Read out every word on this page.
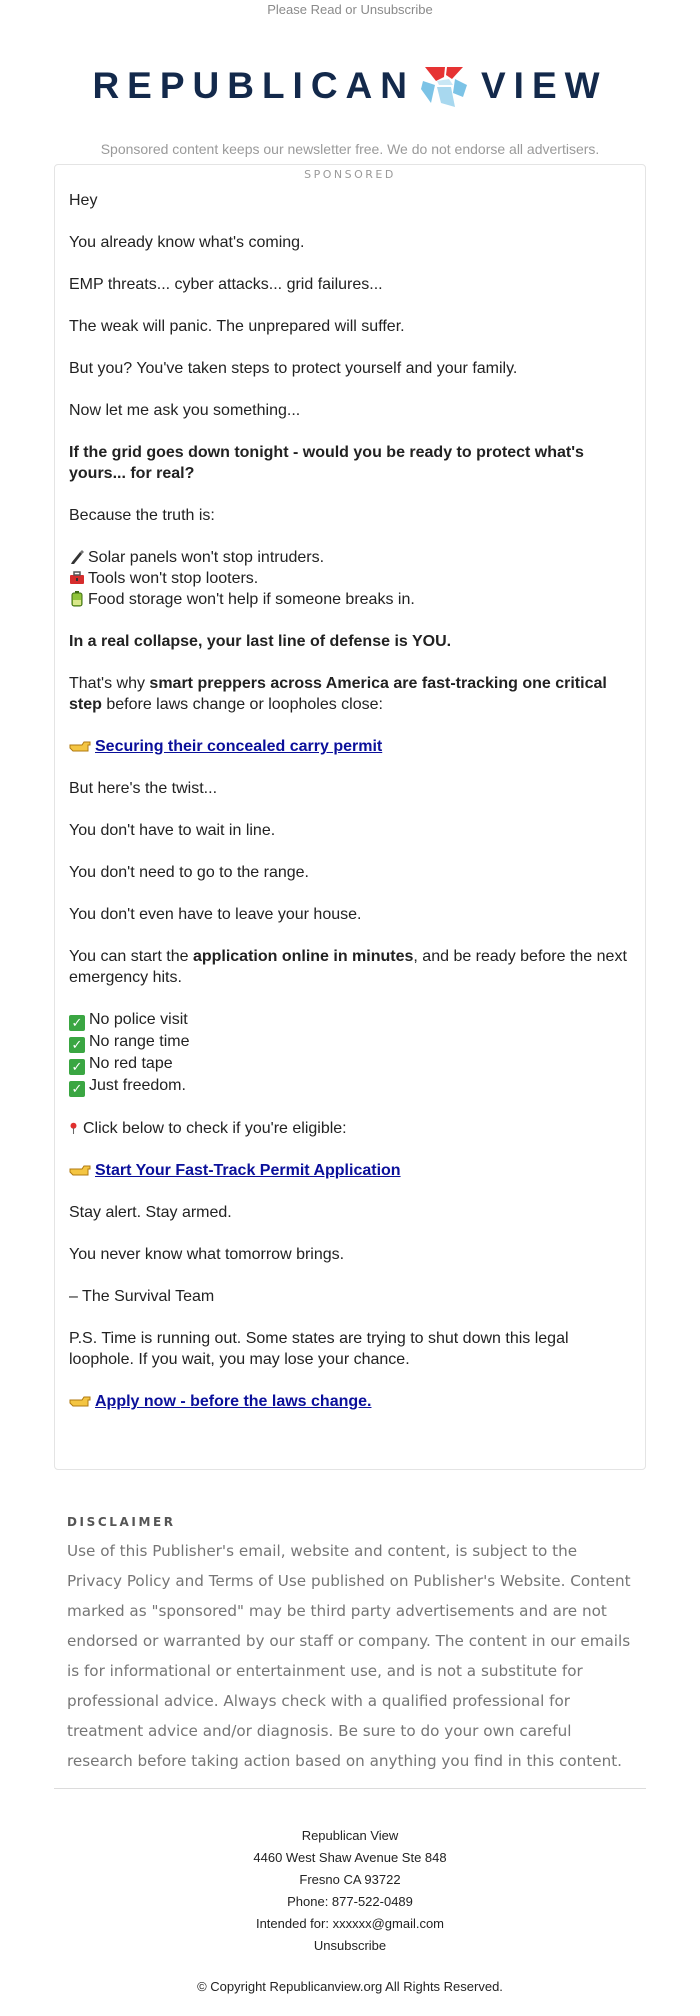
Please Read or Unsubscribe
REPUBLICAN VIEW
Sponsored content keeps our newsletter free. We do not endorse all advertisers.
SPONSORED

Hey

You already know what's coming.

EMP threats... cyber attacks... grid failures...

The weak will panic. The unprepared will suffer.

But you? You've taken steps to protect yourself and your family.

Now let me ask you something...

If the grid goes down tonight - would you be ready to protect what's yours... for real?

Because the truth is:

Solar panels won't stop intruders.
Tools won't stop looters.
Food storage won't help if someone breaks in.

In a real collapse, your last line of defense is YOU.

That's why smart preppers across America are fast-tracking one critical step before laws change or loopholes close:

Securing their concealed carry permit

But here's the twist...

You don't have to wait in line.

You don't need to go to the range.

You don't even have to leave your house.

You can start the application online in minutes, and be ready before the next emergency hits.

✓ No police visit
✓ No range time
✓ No red tape
✓ Just freedom.

Click below to check if you're eligible:

Start Your Fast-Track Permit Application

Stay alert. Stay armed.

You never know what tomorrow brings.

– The Survival Team

P.S. Time is running out. Some states are trying to shut down this legal loophole. If you wait, you may lose your chance.

Apply now - before the laws change.

DISCLAIMER
Use of this Publisher's email, website and content, is subject to the Privacy Policy and Terms of Use published on Publisher's Website. Content marked as "sponsored" may be third party advertisements and are not endorsed or warranted by our staff or company. The content in our emails is for informational or entertainment use, and is not a substitute for professional advice. Always check with a qualified professional for treatment advice and/or diagnosis. Be sure to do your own careful research before taking action based on anything you find in this content.
Republican View
4460 West Shaw Avenue Ste 848
Fresno CA 93722
Phone: 877-522-0489
Intended for: xxxxxx@gmail.com
Unsubscribe
© Copyright Republicanview.org All Rights Reserved.
